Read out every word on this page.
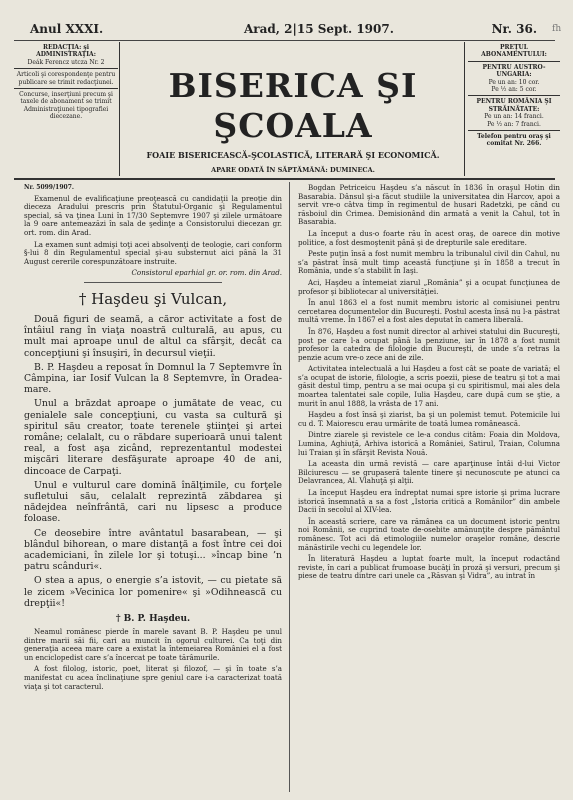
fh
Anul XXXI.	Arad, 2|15 Sept. 1907.	Nr. 36.
REDACŢIA: şi ADMINISTRAŢIA:
Deák Ferencz utcza Nr. 2
Articoli şi corespondenţe pentru publicare se trimit redacţiunei.
Concurse, inserţiuni precum şi taxele de abonament se trimit Administraţiunei tipografiei diecezane.
BISERICA ŞI ŞCOALA
FOAIE BISERICEASCĂ-ŞCOLASTICĂ, LITERARĂ ŞI ECONOMICĂ.
APARE ODATĂ ÎN SĂPTĂMÂNĂ: DUMINECA.
PREŢUL ABONAMENTULUI:
PENTRU AUSTRO-UNGARIA:
Pe un an: 10 cor.
Pe ½ an: 5 cor.
PENTRU ROMÂNIA ŞI STRĂINĂTATE:
Pe un an: 14 franci.
Pe ½ an: 7 franci.
Telefon pentru oraş şi comitat Nr. 266.

Nr. 5099/1907.

Examenul de evaliﬁcaţiune preoţească cu candidaţii la preoţie din dieceza Aradului prescris prin Statutul-Organic şi Regulamentul special, să va ţinea Luni în 17/30 Septemvre 1907 şi zilele următoare la 9 oare antemeazăzi în sala de şedinţe a Consistorului diecezan gr. ort. rom. din Arad.

La examen sunt admişi toţi acei absolvenţi de teologie, cari conform §-lui 8 din Regulamentul special şi-au substernut aici până la 31 August cererile corespunzătoare instruite.

Consistorul eparhial gr. or. rom. din Arad.

† Haşdeu şi Vulcan,

Două figuri de seamă, a căror activitate a fost de întâiul rang în viaţa noastră culturală, au apus, cu mult mai aproape unul de altul ca sfârşit, decât ca concepţiuni şi însuşiri, în decursul vieţii.

B. P. Haşdeu a reposat în Domnul la 7 Septemvre în Câmpina, iar Iosif Vulcan la 8 Septemvre, în Oradea-mare.

Unul a brăzdat aproape o jumătate de veac, cu genialele sale concepţiuni, cu vasta sa cultură şi spiritul său creator, toate terenele ştiinţei şi artei române; celalalt, cu o răbdare superioară unui talent real, a fost aşa zicând, reprezentantul modestei mişcări literare desfăşurate aproape 40 de ani, dincoace de Carpaţi.

Unul e vulturul care domină înălţimile, cu forţele sufletului său, celalalt reprezintă zăbdarea şi nădejdea neînfrântă, cari nu lipsesc a produce foloase.

Ce deosebire între avântatul basarabean, — şi blândul bihorean, o mare distanţă a fost între cei doi academiciani, în zilele lor şi totuşi... »încap bine ’n patru scânduri«.

O stea a apus, o energie s’a istovit, — cu pietate să le zicem »Vecinica lor pomenire« şi »Odihnească cu drepţii«!

† B. P. Haşdeu.

Neamul românesc pierde în marele savant B. P. Haşdeu pe unul dintre marii săi fii, cari au muncit în ogorul culturei. Ca toţi din generaţia aceea mare care a existat la întemeiarea României el a fost un enciclopedist care s’a încercat pe toate tărâmurile.

A fost filolog, istoric, poet, literat şi filozof, — şi în toate s’a manifestat cu acea înclinaţiune spre geniul care i-a caracterizat toată viaţa şi tot caracterul.

Bogdan Petriceicu Haşdeu s’a născut în 1836 în oraşul Hotin din Basarabia. Dânsul şi-a făcut studiile la universitatea din Harcov, apoi a servit vre-o câtva timp în regimentul de husari Radetzki, pe când cu răsboiul din Crimea. Demisionând din armată a venit la Cahul, tot în Basarabia.

La început a dus-o foarte rău în acest oraş, de oarece din motive politice, a fost desmoştenit până şi de drepturile sale ereditare.

Peste puţin însă a fost numit membru la tribunalul civil din Cahul, nu s’a păstrat însă mult timp această funcţiune şi în 1858 a trecut în România, unde s’a stabilit în Iaşi.

Aci, Haşdeu a întemeiat ziarul „România” şi a ocupat funcţiunea de profesor şi bibliotecar al universităţiei.

În anul 1863 el a fost numit membru istoric al comisiunei pentru cercetarea documentelor din Bucureşti. Postul acesta însă nu l-a păstrat multă vreme. În 1867 el a fost ales deputat în camera liberală.

În 876, Haşdeu a fost numit director al arhivei statului din Bucureşti, post pe care l-a ocupat până la penziune, iar în 1878 a fost numit profesor la catedra de filologie din Bucureşti, de unde s’a retras la penzie acum vre-o zece ani de zile.

Activitatea intelectuală a lui Haşdeu a fost cât se poate de variată; el s’a ocupat de istorie, filologie, a scris poezii, piese de teatru şi tot a mai găsit destul timp, pentru a se mai ocupa şi cu spiritismul, mai ales dela moartea talentatei sale copile, Iulia Haşdeu, care după cum se ştie, a murit în anul 1888, la vrâsta de 17 ani.

Haşdeu a fost însă şi ziarist, ba şi un polemist temut. Potemicile lui cu d. T. Maiorescu erau urmărite de toată lumea românească.

Dintre ziarele şi revistele ce le-a condus citâm: Foaia din Moldova, Lumina, Aghiuţă, Arhiva istorică a României, Satirul, Traian, Columna lui Traian şi în sfârşit Revista Nouă.

La aceasta din urmă revistă — care aparţinuse întâi d-lui Victor Bilciurescu — se grupaseră talente tinere şi necunoscute pe atunci ca Delavrancea, Al. Vlahuţă şi alţii.

La început Haşdeu era îndreptat numai spre istorie şi prima lucrare istorică însemnată a sa a fost „Istoria critică a Românilor” din ambele Dacii în secolul al XIV-lea.

În această scriere, care va rămânea ca un document istoric pentru noi Românii, se cuprind toate de-osebite amănunţite despre pământul românesc. Tot aci dă etimologiile numelor oraşelor române, descrie mănăstirile vechi cu legendele lor.

În literatură Haşdeu a luptat foarte mult, la început rodactând reviste, în cari a publicat frumoase bucăţi în proză şi versuri, precum şi piese de teatru dintre cari unele ca „Răsvan şi Vidra”, au intrat în
